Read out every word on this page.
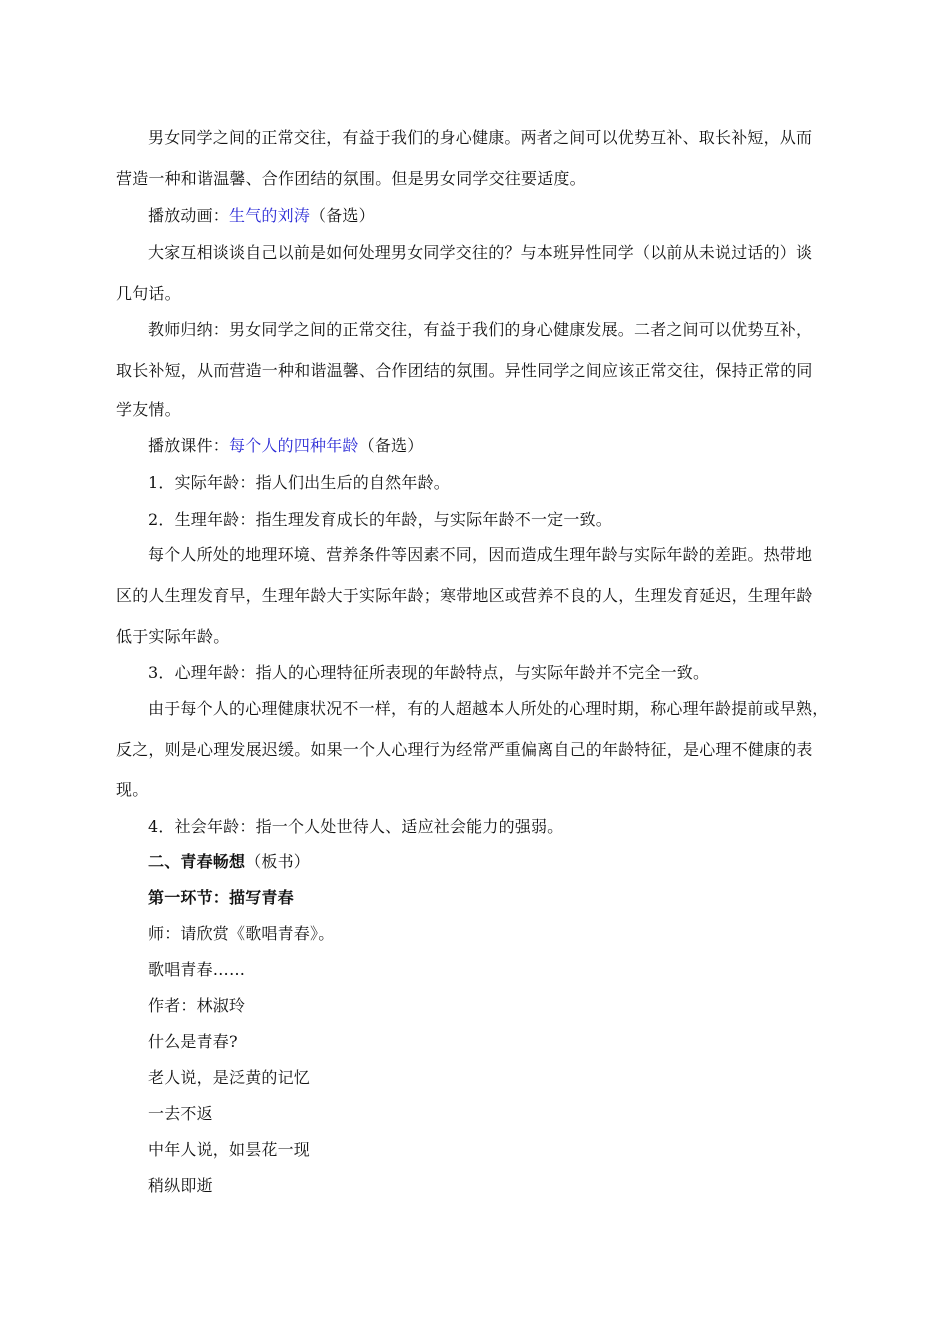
男女同学之间的正常交往，有益于我们的身心健康。两者之间可以优势互补、取长补短，从而
营造一种和谐温馨、合作团结的氛围。但是男女同学交往要适度。
播放动画：生气的刘涛（备选）
大家互相谈谈自己以前是如何处理男女同学交往的？与本班异性同学（以前从未说过话的）谈
几句话。
教师归纳：男女同学之间的正常交往，有益于我们的身心健康发展。二者之间可以优势互补，
取长补短，从而营造一种和谐温馨、合作团结的氛围。异性同学之间应该正常交往，保持正常的同
学友情。
播放课件：每个人的四种年龄（备选）
1．实际年龄：指人们出生后的自然年龄。
2．生理年龄：指生理发育成长的年龄，与实际年龄不一定一致。
每个人所处的地理环境、营养条件等因素不同，因而造成生理年龄与实际年龄的差距。热带地
区的人生理发育早，生理年龄大于实际年龄；寒带地区或营养不良的人，生理发育延迟，生理年龄
低于实际年龄。
3．心理年龄：指人的心理特征所表现的年龄特点，与实际年龄并不完全一致。
由于每个人的心理健康状况不一样，有的人超越本人所处的心理时期，称心理年龄提前或早熟，
反之，则是心理发展迟缓。如果一个人心理行为经常严重偏离自己的年龄特征，是心理不健康的表
现。
4．社会年龄：指一个人处世待人、适应社会能力的强弱。
二、青春畅想（板书）
第一环节：描写青春
师：请欣赏《歌唱青春》。
歌唱青春……
作者：林淑玲
什么是青春?
老人说，是泛黄的记忆
一去不返
中年人说，如昙花一现
稍纵即逝
